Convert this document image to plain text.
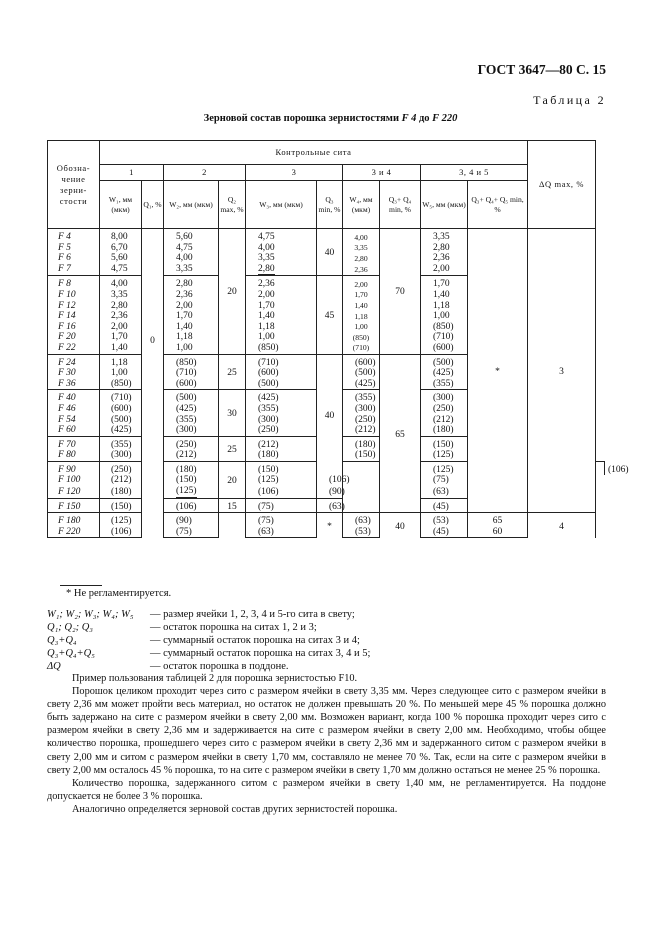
ГОСТ 3647—80 С. 15
Таблица 2
Зерновой состав порошка зернистостями F 4 до F 220
Обозна- чение зерни- стости	Контрольные сита										ΔQ max, %	
	1		2		3		3 и 4		3, 4 и 5			
	W₁, мм (мкм)	Q₁, %	W₂, мм (мкм)	Q₂ max, %	W₃, мм (мкм)	Q₃ min, %	W₄, мм (мкм)	Q₃+ Q₄ min, %	W₅, мм (мкм)	Q₃+ Q₄+ Q₅ min, %		
F 4	8,00	0	5,60	20	4,75	40	4,00	70	3,35	*	3	
F 5	6,70		4,75		4,00		3,35		2,80			
F 6	5,60		4,00		3,35		2,80		2,36			
F 7	4,75		3,35		2,80		2,36		2,00			
F 8	4,00		2,80		2,36	45	2,00		1,70			
F 10	3,35		2,36		2,00		1,70		1,40			
F 12	2,80		2,00		1,70		1,40		1,18			
F 14	2,36		1,70		1,40		1,18		1,00			
F 16	2,00		1,40		1,18		1,00		(850)			
F 20	1,70		1,18		1,00		(850)		(710)			
F 22	1,40		1,00		(850)		(710)		(600)			
F 24	1,18		(850)	25	(710)	40	(600)	65	(500)			
F 30	1,00		(710)		(600)		(500)		(425)			
F 36	(850)		(600)		(500)		(425)		(355)			
F 40	(710)		(500)	30	(425)		(355)		(300)			
F 46	(600)		(425)		(355)		(300)		(250)			
F 54	(500)		(355)		(300)		(250)		(212)			
F 60	(425)		(300)		(250)		(212)		(180)			
F 70	(355)		(250)	25	(212)		(180)		(150)			
F 80	(300)		(212)		(180)		(150)		(125)			
F 90	(250)		(180)	20	(150)				(125)			(106)
F 100	(212)		(150)		(125)	(106)			(75)			
F 120	(180)		(125)		(106)	(90)			(63)			
F 150	(150)		(106)	15	(75)	(63)			(45)			
F 180	(125)		(90)		(75)	*	(63)	40	(53)	65	4	
F 220	(106)		(75)		(63)		(53)		(45)	60		
* Не регламентируется.
W₁; W₂; W₃; W₄; W₅	— размер ячейки 1, 2, 3, 4 и 5-го сита в свету;
Q₁; Q₂; Q₃	— остаток порошка на ситах 1, 2 и 3;
Q₃+Q₄	— суммарный остаток порошка на ситах 3 и 4;
Q₃+Q₄+Q₅	— суммарный остаток порошка на ситах 3, 4 и 5;
ΔQ	— остаток порошка в поддоне.

Пример пользования таблицей 2 для порошка зернистостью F10.

Порошок целиком проходит через сито с размером ячейки в свету 3,35 мм. Через следующее сито с размером ячейки в свету 2,36 мм может пройти весь материал, но остаток не должен превышать 20 %. По меньшей мере 45 % порошка должно быть задержано на сите с размером ячейки в свету 2,00 мм. Возможен вариант, когда 100 % порошка проходит через сито с размером ячейки в свету 2,36 мм и задерживается на сите с размером ячейки в свету 2,00 мм. Необходимо, чтобы общее количество порошка, прошедшего через сито с размером ячейки в свету 2,36 мм и задержанного ситом с размером ячейки в свету 2,00 мм и ситом с размером ячейки в свету 1,70 мм, составляло не менее 70 %. Так, если на сите с размером ячейки в свету 2,00 мм осталось 45 % порошка, то на сите с размером ячейки в свету 1,70 мм должно остаться не менее 25 % порошка.

Количество порошка, задержанного ситом с размером ячейки в свету 1,40 мм, не регламентируется. На поддоне допускается не более 3 % порошка.

Аналогично определяется зерновой состав других зернистостей порошка.
